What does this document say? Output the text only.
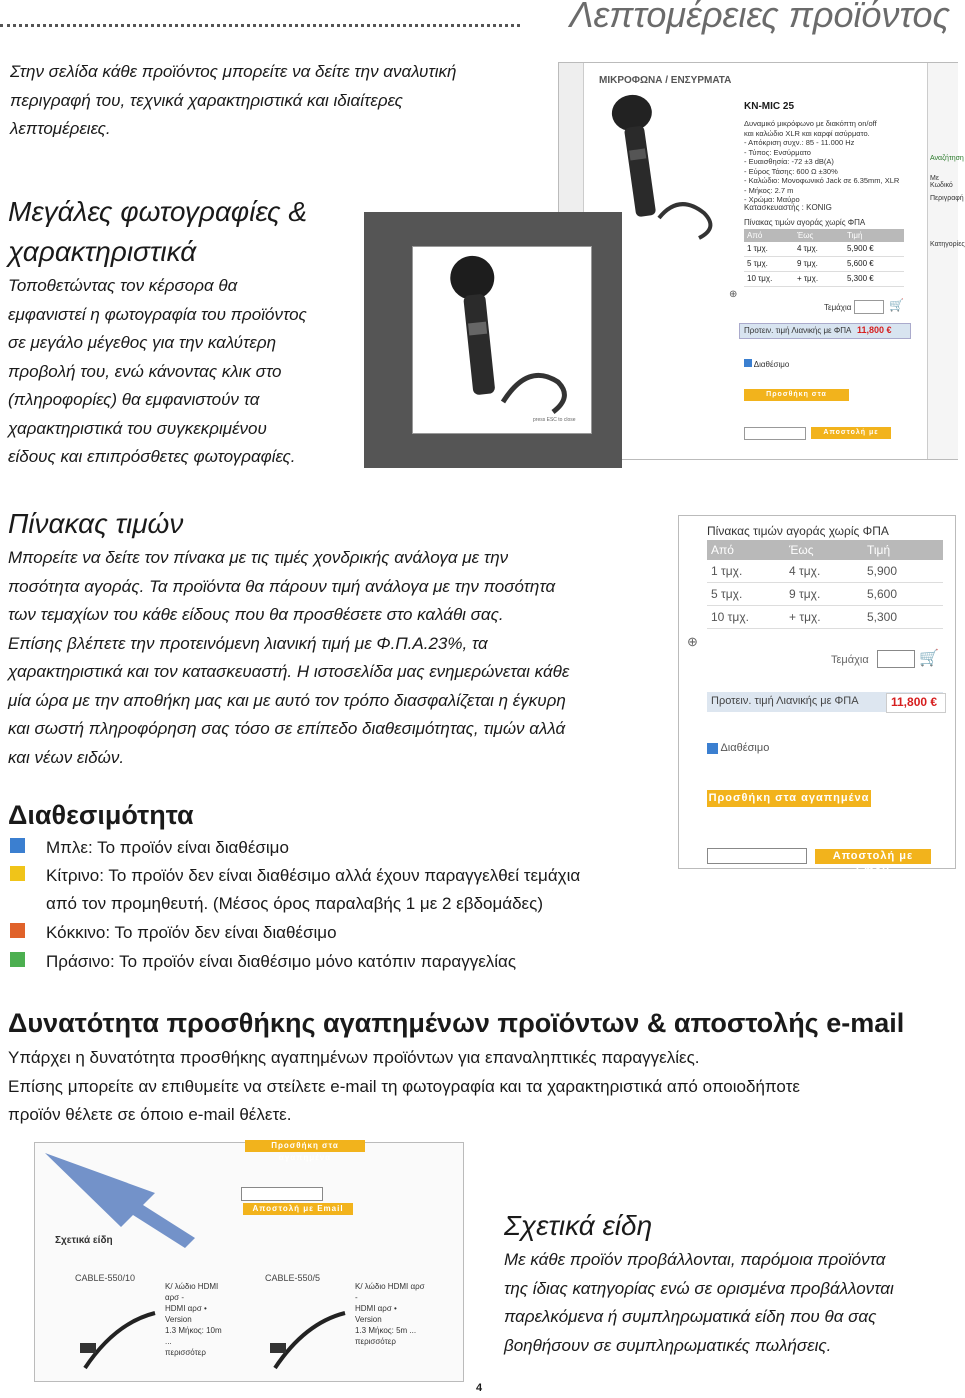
Λεπτομέρειες προϊόντος
Στην σελίδα κάθε προϊόντος μπορείτε να δείτε την αναλυτική
περιγραφή του, τεχνικά χαρακτηριστικά και ιδιαίτερες
λεπτομέρειες.
Μεγάλες φωτογραφίες &
χαρακτηριστικά
Τοποθετώντας τον κέρσορα θα
εμφανιστεί η φωτογραφία του προϊόντος
σε μεγάλο μέγεθος για την καλύτερη
προβολή του, ενώ κάνοντας κλικ στο
(πληροφορίες) θα εμφανιστούν τα
χαρακτηριστικά του συγκεκριμένου
είδους και επιπρόσθετες φωτογραφίες.
ΜΙΚΡΟΦΩΝΑ / ΕΝΣΥΡΜΑΤΑ
KN-MIC 25
Δυναμικό μικρόφωνο με διακόπτη on/off
και καλώδιο XLR και καρφί ασύρματο.
- Απόκριση συχν.: 85 - 11.000 Hz
- Τύπος: Ενσύρματο
- Ευαισθησία: -72 ±3 dB(A)
- Εύρος Τάσης: 600 Ω ±30%
- Καλώδιο: Μονοφωνικό Jack σε 6.35mm, XLR
- Μήκος: 2.7 m
- Χρώμα: Μαύρο
Κατασκευαστής : KONIG
Πίνακας τιμών αγοράς χωρίς ΦΠΑ
Από	Έως	Τιμή
1 τμχ.	4 τμχ.	5,900 €
5 τμχ.	9 τμχ.	5,600 €
10 τμχ.	+ τμχ.	5,300 €
Τεμάχια	🛒
Προτειν. τιμή Λιανικής με ΦΠΑ 11,800 €
Διαθέσιμο
Προσθήκη στα αγαπημένα
Αποστολή με Email
⊕
Αναζήτηση
Με Κωδικό
Περιγραφή
Κατηγορίες
press ESC to close
Πίνακας τιμών
Μπορείτε να δείτε τον πίνακα με τις τιμές χονδρικής ανάλογα με την
ποσότητα αγοράς. Τα προϊόντα θα πάρουν τιμή ανάλογα με την ποσότητα
των τεμαχίων του κάθε είδους που θα προσθέσετε στο καλάθι σας.
Επίσης βλέπετε την προτεινόμενη λιανική τιμή με Φ.Π.Α.23%, τα
χαρακτηριστικά και τον κατασκευαστή. Η ιστοσελίδα μας ενημερώνεται κάθε
μία ώρα με την αποθήκη μας και με αυτό τον τρόπο διασφαλίζεται η έγκυρη
και σωστή πληροφόρηση σας τόσο σε επίπεδο διαθεσιμότητας, τιμών αλλά
και νέων ειδών.
Πίνακας τιμών αγοράς χωρίς ΦΠΑ
Από	Έως	Τιμή
1 τμχ.	4 τμχ.	5,900
5 τμχ.	9 τμχ.	5,600
10 τμχ.	+ τμχ.	5,300
⊕
Τεμάχια	🛒
Προτειν. τιμή Λιανικής με ΦΠΑ	11,800 €
Διαθέσιμο
Προσθήκη στα αγαπημένα
Αποστολή με Email
Διαθεσιμότητα
Μπλε: Το προϊόν είναι διαθέσιμο
Κίτρινο: Το προϊόν δεν είναι διαθέσιμο αλλά έχουν παραγγελθεί τεμάχια
από τον προμηθευτή. (Μέσος όρος παραλαβής 1 με 2 εβδομάδες)
Κόκκινο: Το προϊόν δεν είναι διαθέσιμο
Πράσινο: Το προϊόν είναι διαθέσιμο μόνο κατόπιν παραγγελίας
Δυνατότητα προσθήκης αγαπημένων προϊόντων & αποστολής e-mail
Υπάρχει η δυνατότητα προσθήκης αγαπημένων προϊόντων για επαναληπτικές παραγγελίες.
Επίσης μπορείτε αν επιθυμείτε να στείλετε e-mail τη φωτογραφία και τα χαρακτηριστικά από οποιοδήποτε
προϊόν θέλετε σε όποιο e-mail θέλετε.
Προσθήκη στα αγαπημένα
Αποστολή με Email
Σχετικά είδη
CABLE-550/10
Κ/ λώδιο HDMI αρσ -
HDMI αρσ • Version
1.3 Μήκος: 10m ...
περισσότερ
CABLE-550/5
Κ/ λώδιο HDMI αρσ -
HDMI αρσ • Version
1.3 Μήκος: 5m ...
περισσότερ
Σχετικά είδη
Με κάθε προϊόν προβάλλονται, παρόμοια προϊόντα
της ίδιας κατηγορίας ενώ σε ορισμένα προβάλλονται
παρελκόμενα ή συμπληρωματικά είδη που θα σας
βοηθήσουν σε συμπληρωματικές πωλήσεις.
4
